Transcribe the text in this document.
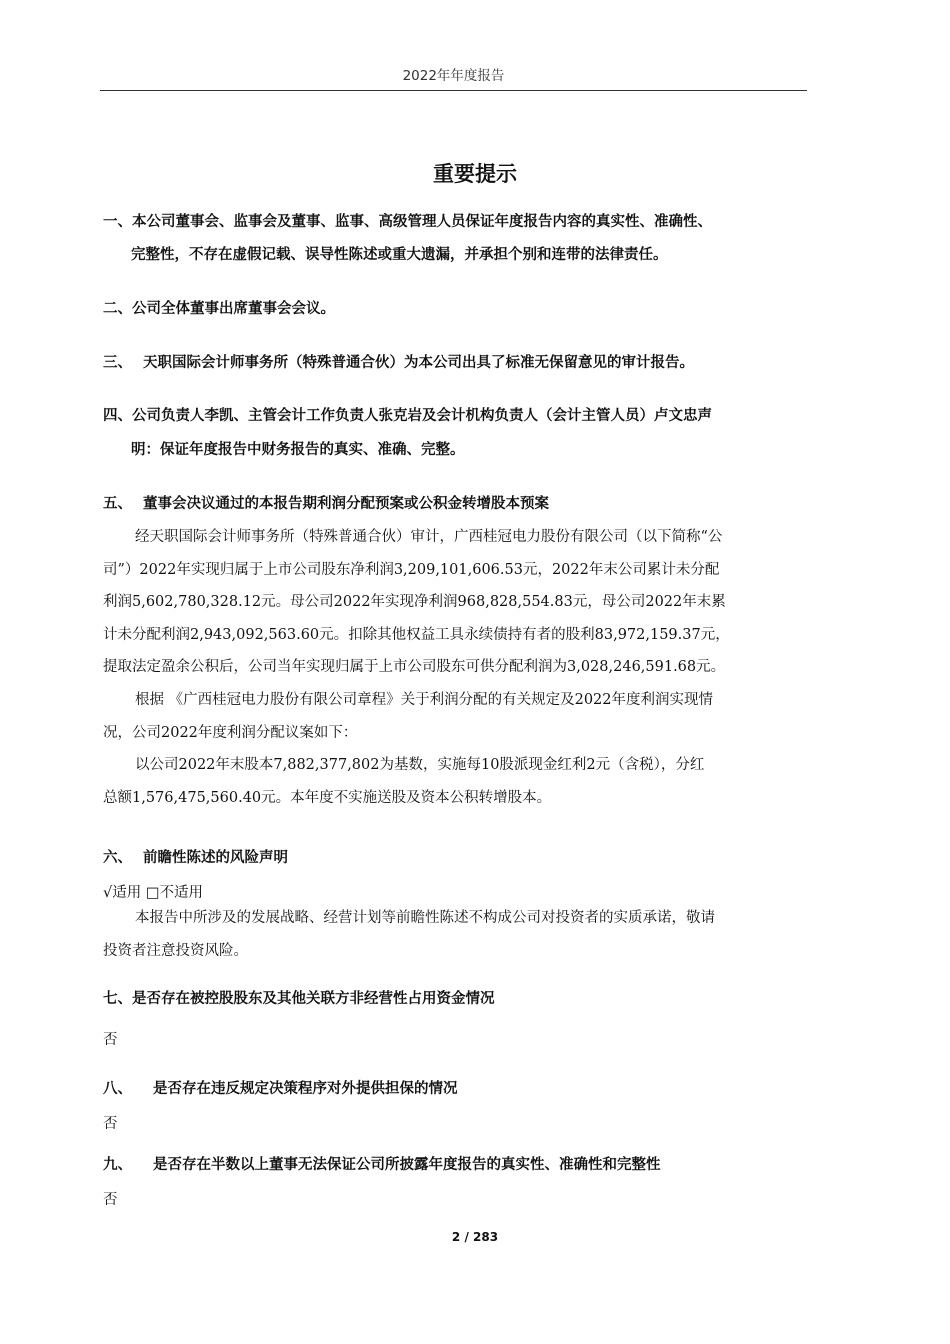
2022年年度报告
重要提示
一、本公司董事会、监事会及董事、监事、高级管理人员保证年度报告内容的真实性、准确性、
完整性，不存在虚假记载、误导性陈述或重大遗漏，并承担个别和连带的法律责任。
二、公司全体董事出席董事会会议。
三、 天职国际会计师事务所（特殊普通合伙）为本公司出具了标准无保留意见的审计报告。
四、公司负责人李凯、主管会计工作负责人张克岩及会计机构负责人（会计主管人员）卢文忠声
明：保证年度报告中财务报告的真实、准确、完整。
五、 董事会决议通过的本报告期利润分配预案或公积金转增股本预案
经天职国际会计师事务所（特殊普通合伙）审计，广西桂冠电力股份有限公司（以下简称“公
司”）2022年实现归属于上市公司股东净利润3,209,101,606.53元，2022年末公司累计未分配
利润5,602,780,328.12元。母公司2022年实现净利润968,828,554.83元，母公司2022年末累
计未分配利润2,943,092,563.60元。扣除其他权益工具永续债持有者的股利83,972,159.37元，
提取法定盈余公积后，公司当年实现归属于上市公司股东可供分配利润为3,028,246,591.68元。
根据 《广西桂冠电力股份有限公司章程》关于利润分配的有关规定及2022年度利润实现情
况，公司2022年度利润分配议案如下：
以公司2022年末股本7,882,377,802为基数，实施每10股派现金红利2元（含税），分红
总额1,576,475,560.40元。本年度不实施送股及资本公积转增股本。
六、 前瞻性陈述的风险声明
√适用 □不适用
本报告中所涉及的发展战略、经营计划等前瞻性陈述不构成公司对投资者的实质承诺，敬请
投资者注意投资风险。
七、是否存在被控股股东及其他关联方非经营性占用资金情况
否
八、 是否存在违反规定决策程序对外提供担保的情况
否
九、 是否存在半数以上董事无法保证公司所披露年度报告的真实性、准确性和完整性
否
2 / 283
